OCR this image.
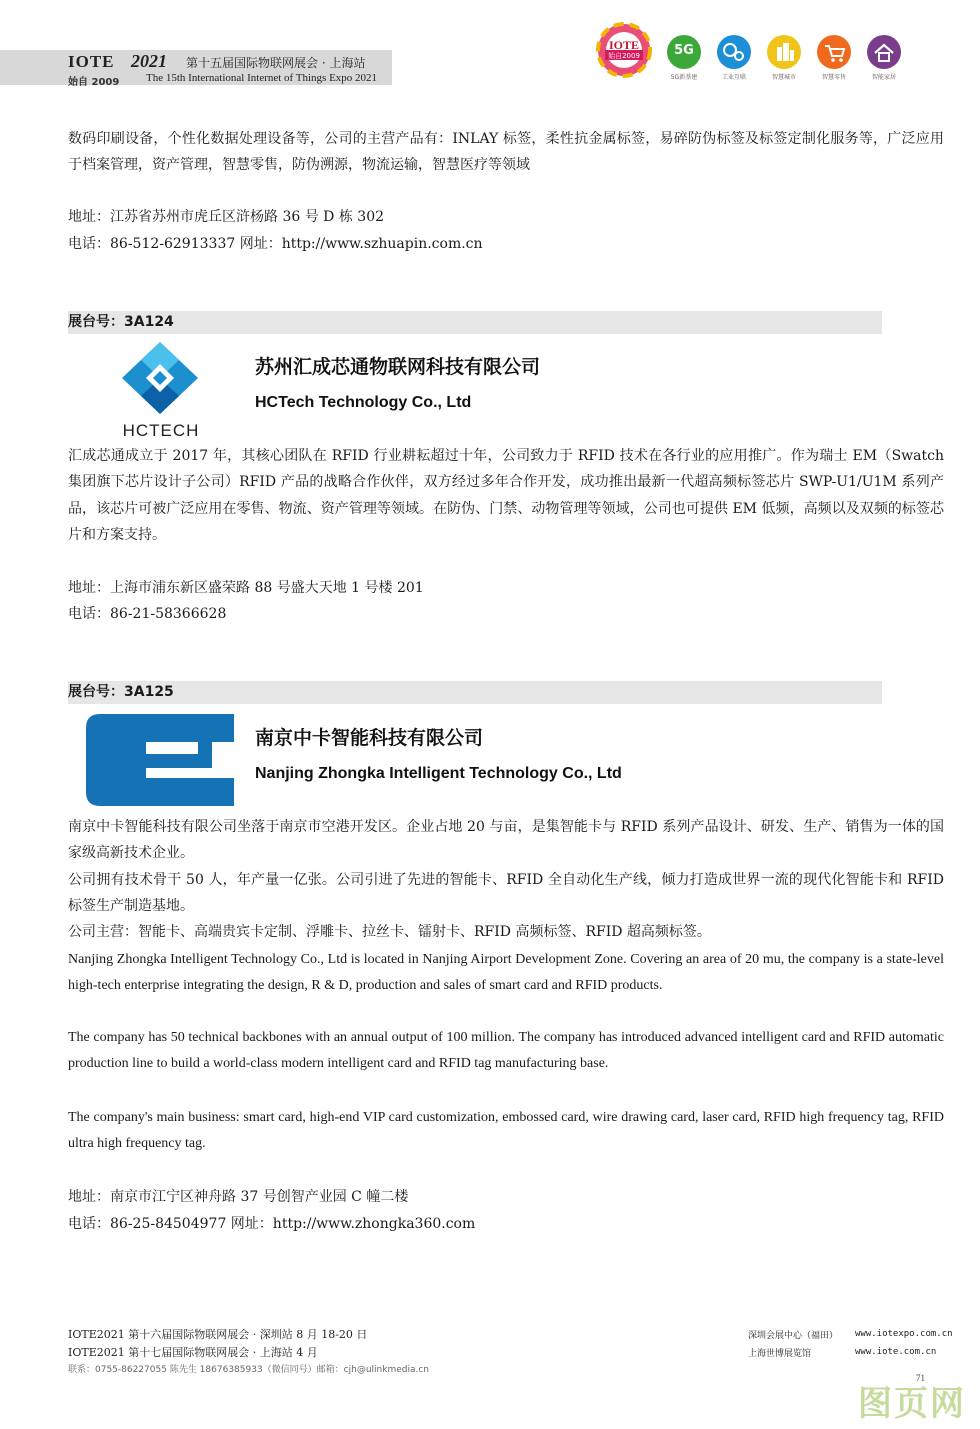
IOTE 2021 第十五届国际物联网展会 · 上海站
始自 2009 The 15th International Internet of Things Expo 2021
IOTE
始自2009	5G
5G新基建	工业互联	智慧城市	智慧零售	智能家居
数码印刷设备，个性化数据处理设备等，公司的主营产品有：INLAY 标签，柔性抗金属标签，易碎防伪标签及标签定制化服务等，广泛应用于档案管理，资产管理，智慧零售，防伪溯源，物流运输，智慧医疗等领域
地址：江苏省苏州市虎丘区浒杨路 36 号 D 栋 302
电话：86-512-62913337 网址：http://www.szhuapin.com.cn
展台号：3A124
HCTECH
苏州汇成芯通物联网科技有限公司
HCTech Technology Co., Ltd
汇成芯通成立于 2017 年，其核心团队在 RFID 行业耕耘超过十年，公司致力于 RFID 技术在各行业的应用推广。作为瑞士 EM（Swatch 集团旗下芯片设计子公司）RFID 产品的战略合作伙伴，双方经过多年合作开发，成功推出最新一代超高频标签芯片 SWP-U1/U1M 系列产品，该芯片可被广泛应用在零售、物流、资产管理等领域。在防伪、门禁、动物管理等领域，公司也可提供 EM 低频，高频以及双频的标签芯片和方案支持。
地址：上海市浦东新区盛荣路 88 号盛大天地 1 号楼 201
电话：86-21-58366628
展台号：3A125
南京中卡智能科技有限公司
Nanjing Zhongka Intelligent Technology Co., Ltd
南京中卡智能科技有限公司坐落于南京市空港开发区。企业占地 20 与亩，是集智能卡与 RFID 系列产品设计、研发、生产、销售为一体的国家级高新技术企业。
公司拥有技术骨干 50 人，年产量一亿张。公司引进了先进的智能卡、RFID 全自动化生产线，倾力打造成世界一流的现代化智能卡和 RFID 标签生产制造基地。
公司主营：智能卡、高端贵宾卡定制、浮雕卡、拉丝卡、镭射卡、RFID 高频标签、RFID 超高频标签。
Nanjing Zhongka Intelligent Technology Co., Ltd is located in Nanjing Airport Development Zone. Covering an area of 20 mu, the company is a state-level high-tech enterprise integrating the design, R & D, production and sales of smart card and RFID products.
The company has 50 technical backbones with an annual output of 100 million. The company has introduced advanced intelligent card and RFID automatic production line to build a world-class modern intelligent card and RFID tag manufacturing base.
The company's main business: smart card, high-end VIP card customization, embossed card, wire drawing card, laser card, RFID high frequency tag, RFID ultra high frequency tag.
地址：南京市江宁区神舟路 37 号创智产业园 C 幢二楼
电话：86-25-84504977 网址：http://www.zhongka360.com
IOTE2021 第十六届国际物联网展会 · 深圳站 8 月 18-20 日
IOTE2021 第十七届国际物联网展会 · 上海站 4 月
联系：0755-86227055 陈先生 18676385933（微信同号）邮箱：cjh@ulinkmedia.cn
深圳会展中心（福田） www.iotexpo.com.cn
上海世博展览馆	www.iote.com.cn
71
图页网
